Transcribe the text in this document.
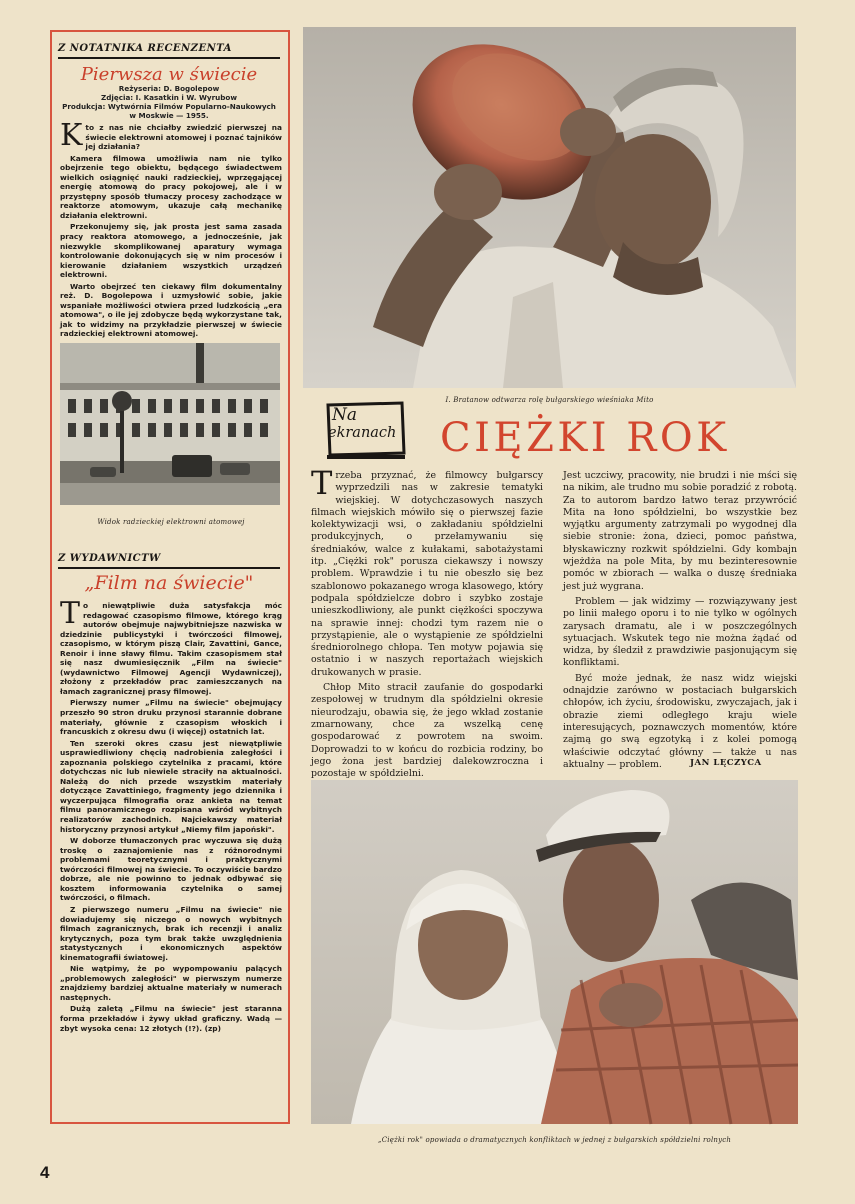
Z NOTATNIKA RECENZENTA
Pierwsza w świecie
Reżyseria: D. Bogolepow
Zdjęcia: I. Kasatkin i W. Wyrubow
Produkcja: Wytwórnia Filmów Popularno-Naukowych w Moskwie — 1955.

Kto z nas nie chciałby zwiedzić pierwszej na świecie elektrowni atomowej i poznać tajników jej działania?

Kamera filmowa umożliwia nam nie tylko obejrzenie tego obiektu, będącego świadectwem wielkich osiągnięć nauki radzieckiej, wprzęgającej energię atomową do pracy pokojowej, ale i w przystępny sposób tłumaczy procesy zachodzące w reaktorze atomowym, ukazuje całą mechanikę działania elektrowni.

Przekonujemy się, jak prosta jest sama zasada pracy reaktora atomowego, a jednocześnie, jak niezwykle skomplikowanej aparatury wymaga kontrolowanie dokonujących się w nim procesów i kierowanie działaniem wszystkich urządzeń elektrowni.

Warto obejrzeć ten ciekawy film dokumentalny reż. D. Bogolepowa i uzmysłowić sobie, jakie wspaniałe możliwości otwiera przed ludzkością „era atomowa", o ile jej zdobycze będą wykorzystane tak, jak to widzimy na przykładzie pierwszej w świecie radzieckiej elektrowni atomowej.

Widok radzieckiej elektrowni atomowej
Z WYDAWNICTW
„Film na świecie"

To niewątpliwie duża satysfakcja móc redagować czasopismo filmowe, którego krąg autorów obejmuje najwybitniejsze nazwiska w dziedzinie publicystyki i twórczości filmowej, czasopismo, w którym piszą Clair, Zavattini, Gance, Renoir i inne sławy filmu. Takim czasopismem stał się nasz dwumiesięcznik „Film na świecie" (wydawnictwo Filmowej Agencji Wydawniczej), złożony z przekładów prac zamieszczanych na łamach zagranicznej prasy filmowej.

Pierwszy numer „Filmu na świecie" obejmujący przeszło 90 stron druku przynosi starannie dobrane materiały, głównie z czasopism włoskich i francuskich z okresu dwu (i więcej) ostatnich lat.

Ten szeroki okres czasu jest niewątpliwie usprawiedliwiony chęcią nadrobienia zaległości i zapoznania polskiego czytelnika z pracami, które dotychczas nic lub niewiele straciły na aktualności. Należą do nich przede wszystkim materiały dotyczące Zavattiniego, fragmenty jego dziennika i wyczerpująca filmografia oraz ankieta na temat filmu panoramicznego rozpisana wśród wybitnych realizatorów zachodnich. Najciekawszy materiał historyczny przynosi artykuł „Niemy film japoński".

W doborze tłumaczonych prac wyczuwa się dużą troskę o zaznajomienie nas z różnorodnymi problemami teoretycznymi i praktycznymi twórczości filmowej na świecie. To oczywiście bardzo dobrze, ale nie powinno to jednak odbywać się kosztem informowania czytelnika o samej twórczości, o filmach.

Z pierwszego numeru „Filmu na świecie" nie dowiadujemy się niczego o nowych wybitnych filmach zagranicznych, brak ich recenzji i analiz krytycznych, poza tym brak także uwzględnienia statystycznych i ekonomicznych aspektów kinematografii światowej.

Nie wątpimy, że po wypompowaniu palących „problemowych zaległości" w pierwszym numerze znajdziemy bardziej aktualne materiały w numerach następnych.

Dużą zaletą „Filmu na świecie" jest staranna forma przekładów i żywy układ graficzny. Wadą — zbyt wysoka cena: 12 złotych (!?). (zp)

I. Bratanow odtwarza rolę bułgarskiego wieśniaka Mito
Na
ekranach CIĘŻKI ROK

Trzeba przyznać, że filmowcy bułgarscy wyprzedzili nas w zakresie tematyki wiejskiej. W dotychczasowych naszych filmach wiejskich mówiło się o pierwszej fazie kolektywizacji wsi, o zakładaniu spółdzielni produkcyjnych, o przełamywaniu się średniaków, walce z kułakami, sabotażystami itp. „Ciężki rok" porusza ciekawszy i nowszy problem. Wprawdzie i tu nie obeszło się bez szablonowo pokazanego wroga klasowego, który podpala spółdzielcze dobro i szybko zostaje unieszkodliwiony, ale punkt ciężkości spoczywa na sprawie innej: chodzi tym razem nie o przystąpienie, ale o wystąpienie ze spółdzielni średniorolnego chłopa. Ten motyw pojawia się ostatnio i w naszych reportażach wiejskich drukowanych w prasie.

Chłop Mito stracił zaufanie do gospodarki zespołowej w trudnym dla spółdzielni okresie nieurodzaju, obawia się, że jego wkład zostanie zmarnowany, chce za wszelką cenę gospodarować z powrotem na swoim. Doprowadzi to w końcu do rozbicia rodziny, bo jego żona jest bardziej dalekowzroczna i pozostaje w spółdzielni.

Jest uczciwy, pracowity, nie brudzi i nie mści się na nikim, ale trudno mu sobie poradzić z robotą. Za to autorom bardzo łatwo teraz przywrócić Mita na łono spółdzielni, bo wszystkie bez wyjątku argumenty zatrzymali po wygodnej dla siebie stronie: żona, dzieci, pomoc państwa, błyskawiczny rozkwit spółdzielni. Gdy kombajn wjeżdża na pole Mita, by mu bezinteresownie pomóc w zbiorach — walka o duszę średniaka jest już wygrana.

Problem — jak widzimy — rozwiązywany jest po linii małego oporu i to nie tylko w ogólnych zarysach dramatu, ale i w poszczególnych sytuacjach. Wskutek tego nie można żądać od widza, by śledził z prawdziwie pasjonującym się konfliktami.

Być może jednak, że nasz widz wiejski odnajdzie zarówno w postaciach bułgarskich chłopów, ich życiu, środowisku, zwyczajach, jak i obrazie ziemi odległego kraju wiele interesujących, poznawczych momentów, które zajmą go swą egzotyką i z kolei pomogą właściwie odczytać główny — także u nas aktualny — problem.	JAN LĘCZYCA
„Ciężki rok" opowiada o dramatycznych konfliktach w jednej z bułgarskich spółdzielni rolnych
4
